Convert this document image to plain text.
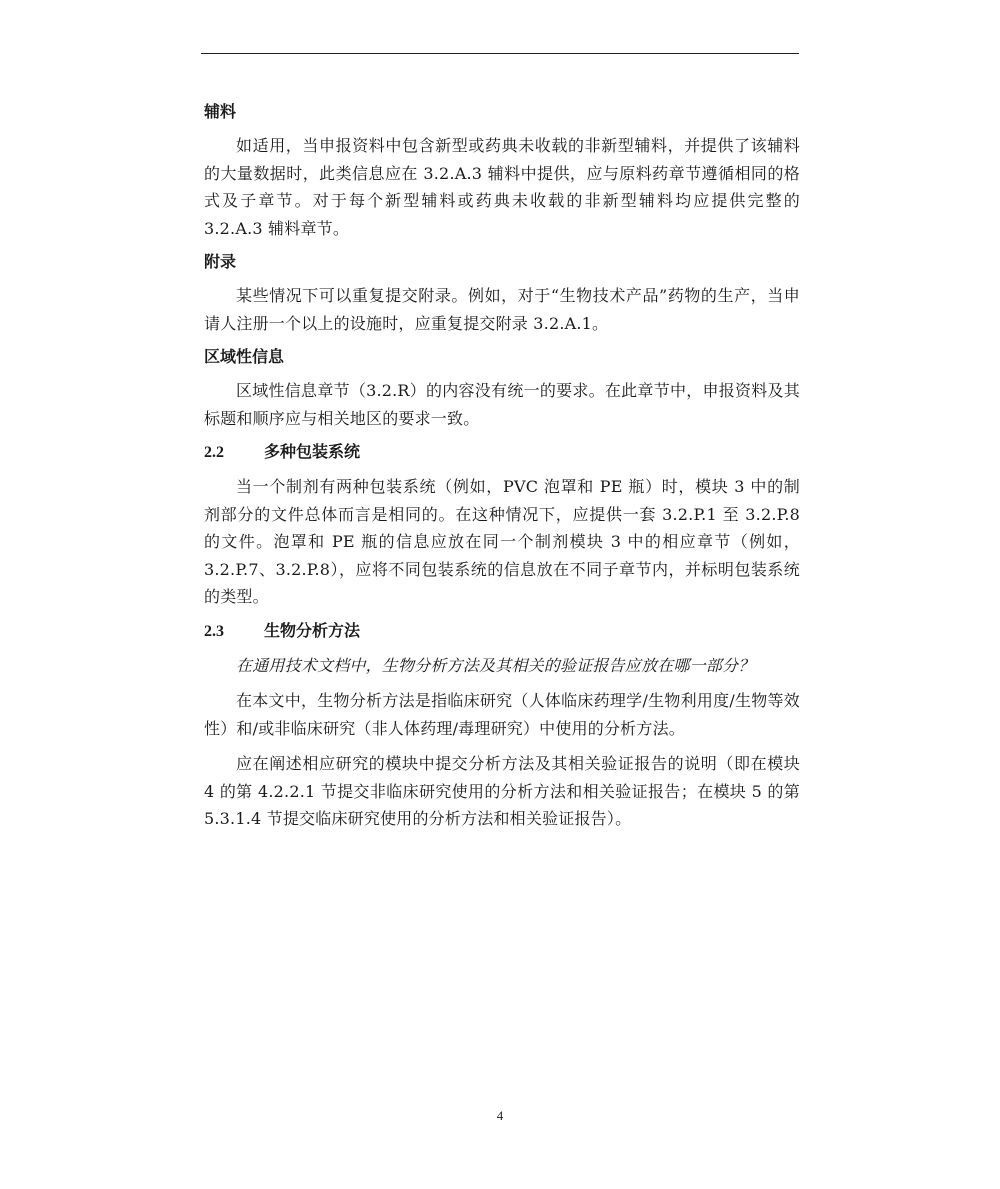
辅料

如适用，当申报资料中包含新型或药典未收载的非新型辅料，并提供了该辅料的大量数据时，此类信息应在 3.2.A.3 辅料中提供，应与原料药章节遵循相同的格式及子章节。对于每个新型辅料或药典未收载的非新型辅料均应提供完整的 3.2.A.3 辅料章节。

附录

某些情况下可以重复提交附录。例如，对于“生物技术产品”药物的生产，当申请人注册一个以上的设施时，应重复提交附录 3.2.A.1。

区域性信息

区域性信息章节（3.2.R）的内容没有统一的要求。在此章节中，申报资料及其标题和顺序应与相关地区的要求一致。

2.2	多种包装系统

当一个制剂有两种包装系统（例如，PVC 泡罩和 PE 瓶）时，模块 3 中的制剂部分的文件总体而言是相同的。在这种情况下，应提供一套 3.2.P.1 至 3.2.P.8 的文件。泡罩和 PE 瓶的信息应放在同一个制剂模块 3 中的相应章节（例如，3.2.P.7、3.2.P.8），应将不同包装系统的信息放在不同子章节内，并标明包装系统的类型。

2.3	生物分析方法

在通用技术文档中，生物分析方法及其相关的验证报告应放在哪一部分？

在本文中，生物分析方法是指临床研究（人体临床药理学/生物利用度/生物等效性）和/或非临床研究（非人体药理/毒理研究）中使用的分析方法。

应在阐述相应研究的模块中提交分析方法及其相关验证报告的说明（即在模块 4 的第 4.2.2.1 节提交非临床研究使用的分析方法和相关验证报告；在模块 5 的第 5.3.1.4 节提交临床研究使用的分析方法和相关验证报告）。

4
